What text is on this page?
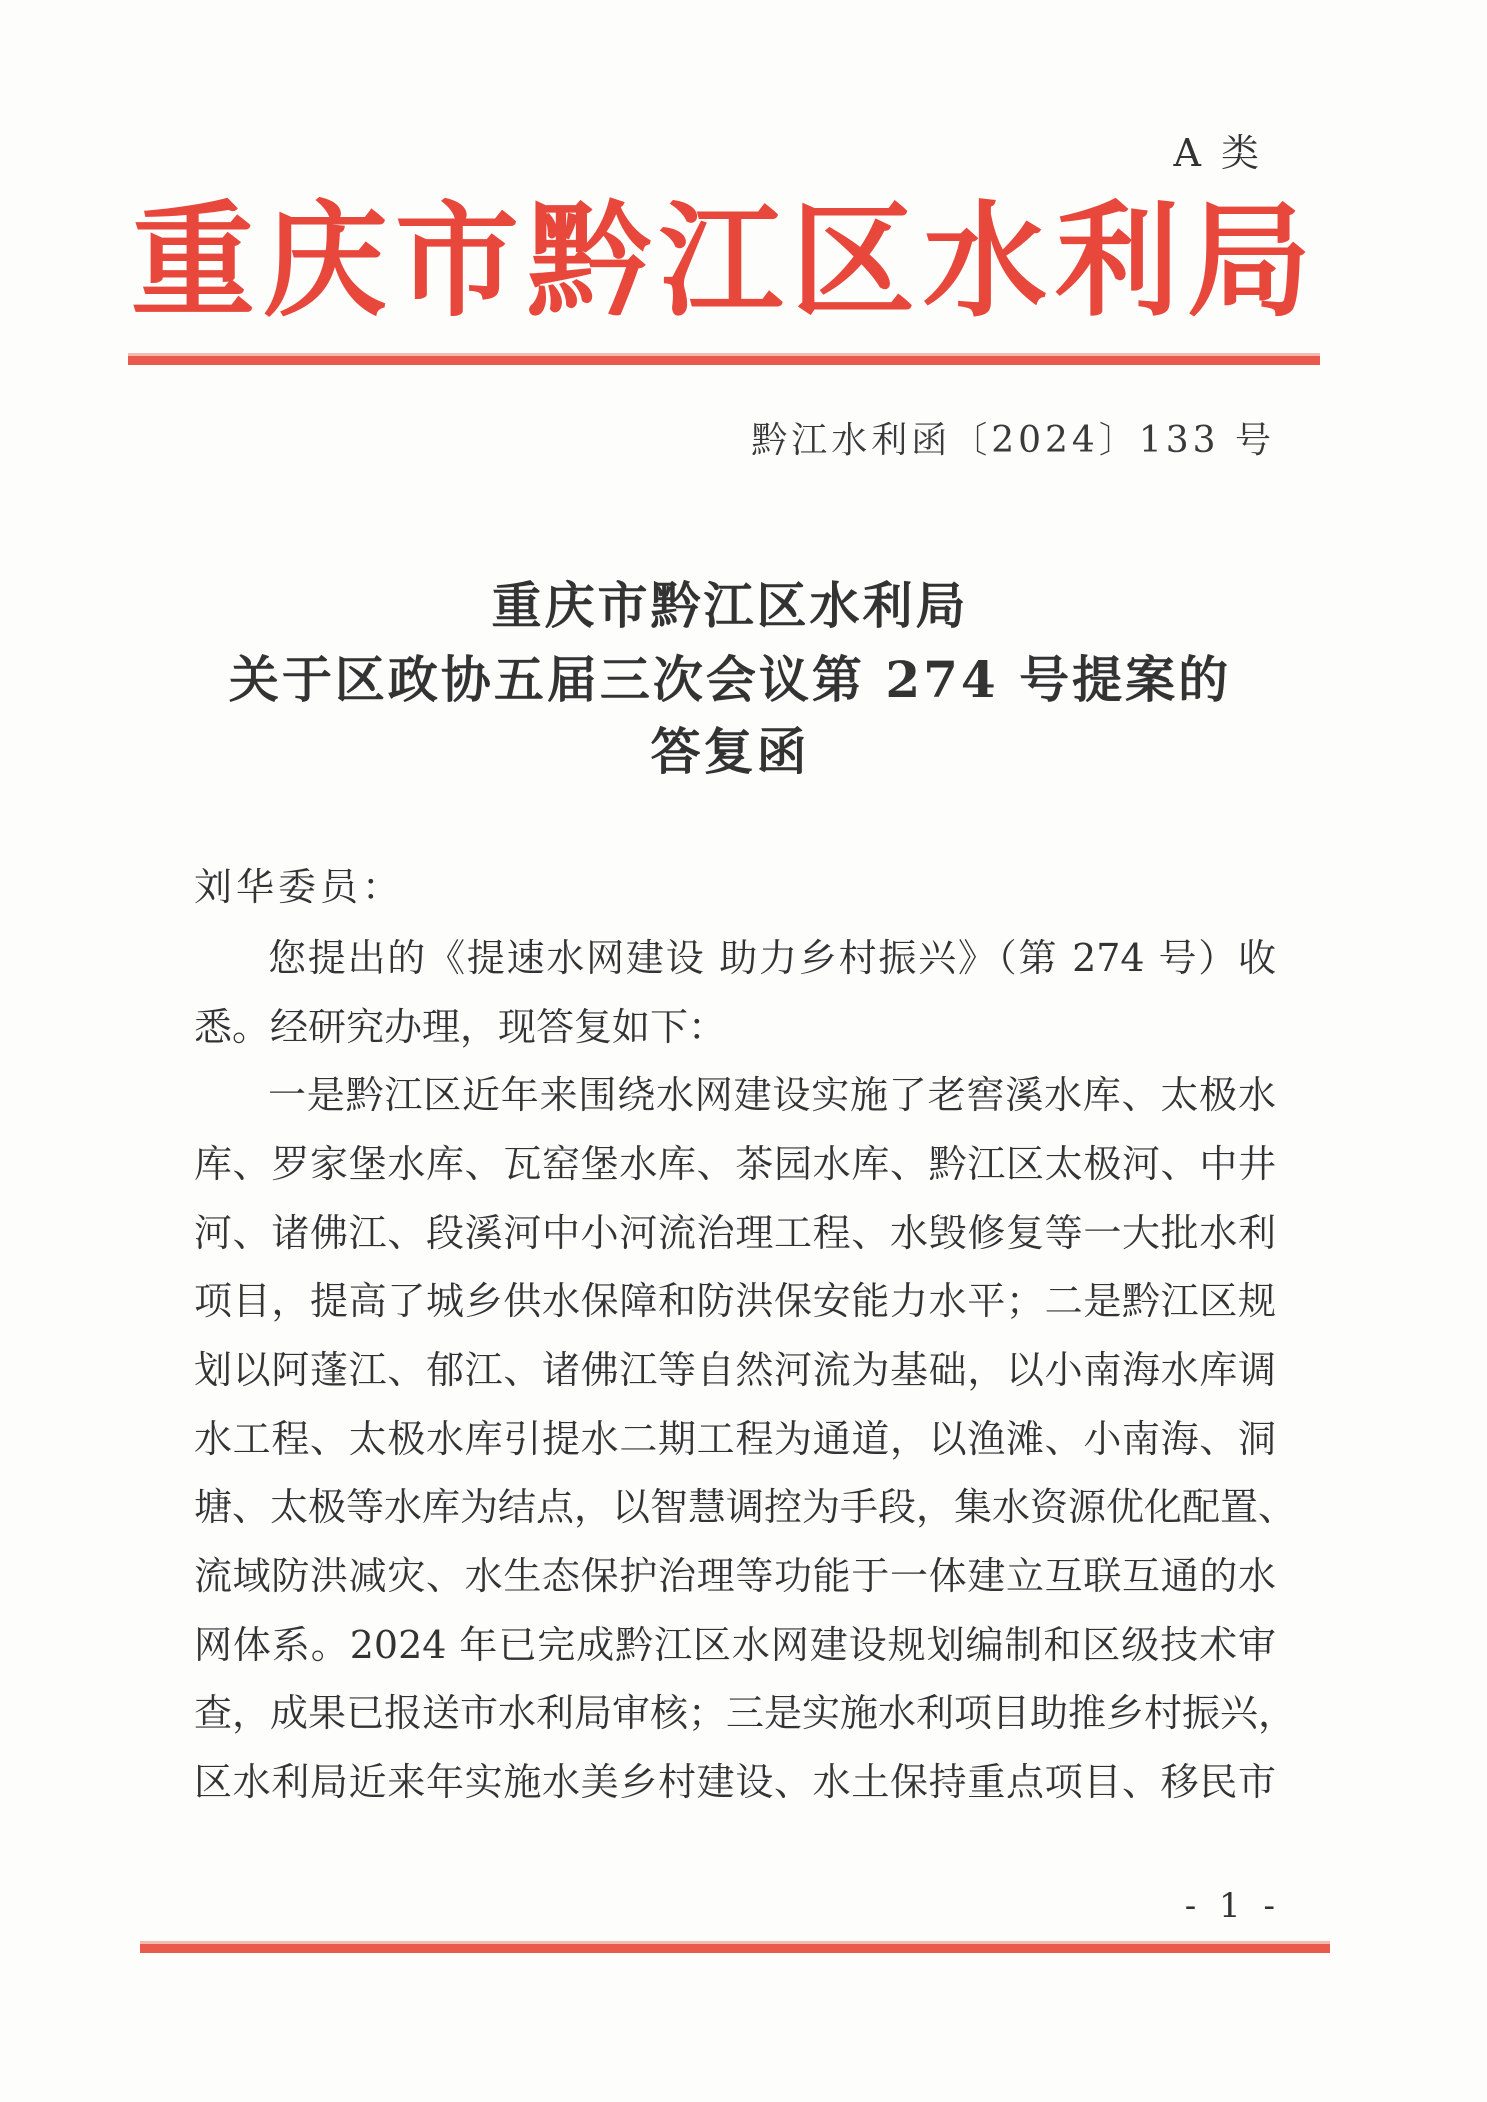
A 类
重庆市黔江区水利局
黔江水利函〔2024〕133 号
重庆市黔江区水利局
关于区政协五届三次会议第 274 号提案的
答复函
刘华委员：
您提出的《提速水网建设 助力乡村振兴》（第 274 号）收
悉。经研究办理，现答复如下：
一是黔江区近年来围绕水网建设实施了老窖溪水库、太极水
库、罗家堡水库、瓦窑堡水库、茶园水库、黔江区太极河、中井
河、诸佛江、段溪河中小河流治理工程、水毁修复等一大批水利
项目，提高了城乡供水保障和防洪保安能力水平；二是黔江区规
划以阿蓬江、郁江、诸佛江等自然河流为基础，以小南海水库调
水工程、太极水库引提水二期工程为通道，以渔滩、小南海、洞
塘、太极等水库为结点，以智慧调控为手段，集水资源优化配置、
流域防洪减灾、水生态保护治理等功能于一体建立互联互通的水
网体系。2024 年已完成黔江区水网建设规划编制和区级技术审
查，成果已报送市水利局审核；三是实施水利项目助推乡村振兴，
区水利局近来年实施水美乡村建设、水土保持重点项目、移民市
- 1 -
